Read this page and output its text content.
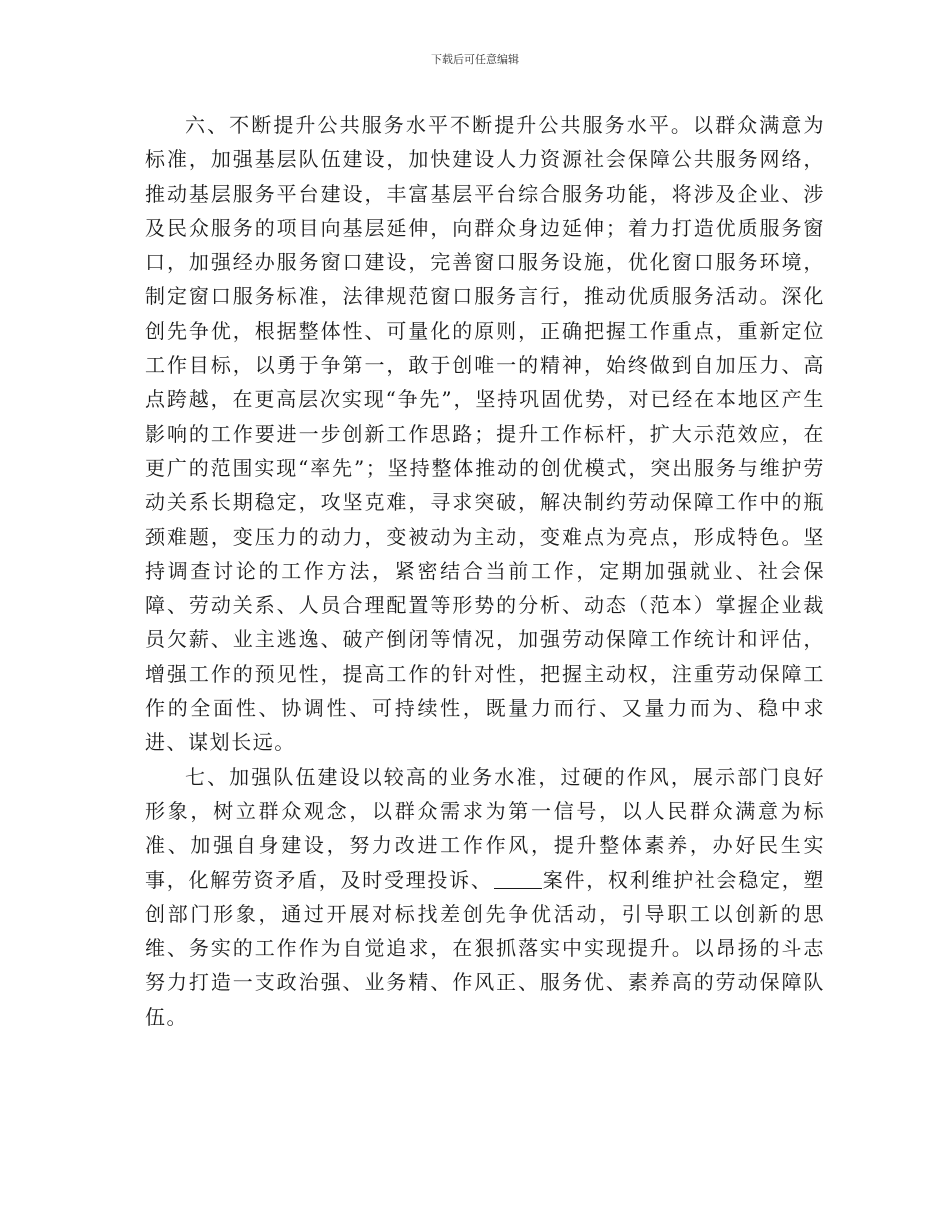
下载后可任意编辑

六、不断提升公共服务水平不断提升公共服务水平。以群众满意为标准，加强基层队伍建设，加快建设人力资源社会保障公共服务网络，推动基层服务平台建设，丰富基层平台综合服务功能，将涉及企业、涉及民众服务的项目向基层延伸，向群众身边延伸；着力打造优质服务窗口，加强经办服务窗口建设，完善窗口服务设施，优化窗口服务环境，制定窗口服务标准，法律规范窗口服务言行，推动优质服务活动。深化创先争优，根据整体性、可量化的原则，正确把握工作重点，重新定位工作目标，以勇于争第一，敢于创唯一的精神，始终做到自加压力、高点跨越，在更高层次实现“争先”，坚持巩固优势，对已经在本地区产生影响的工作要进一步创新工作思路；提升工作标杆，扩大示范效应，在更广的范围实现“率先”；坚持整体推动的创优模式，突出服务与维护劳动关系长期稳定，攻坚克难，寻求突破，解决制约劳动保障工作中的瓶颈难题，变压力的动力，变被动为主动，变难点为亮点，形成特色。坚持调查讨论的工作方法，紧密结合当前工作，定期加强就业、社会保障、劳动关系、人员合理配置等形势的分析、动态（范本）掌握企业裁员欠薪、业主逃逸、破产倒闭等情况，加强劳动保障工作统计和评估，增强工作的预见性，提高工作的针对性，把握主动权，注重劳动保障工作的全面性、协调性、可持续性，既量力而行、又量力而为、稳中求进、谋划长远。

七、加强队伍建设以较高的业务水准，过硬的作风，展示部门良好形象，树立群众观念，以群众需求为第一信号，以人民群众满意为标准、加强自身建设，努力改进工作作风，提升整体素养，办好民生实事，化解劳资矛盾，及时受理投诉、	案件，权利维护社会稳定，塑创部门形象，通过开展对标找差创先争优活动，引导职工以创新的思维、务实的工作作为自觉追求，在狠抓落实中实现提升。以昂扬的斗志努力打造一支政治强、业务精、作风正、服务优、素养高的劳动保障队伍。
